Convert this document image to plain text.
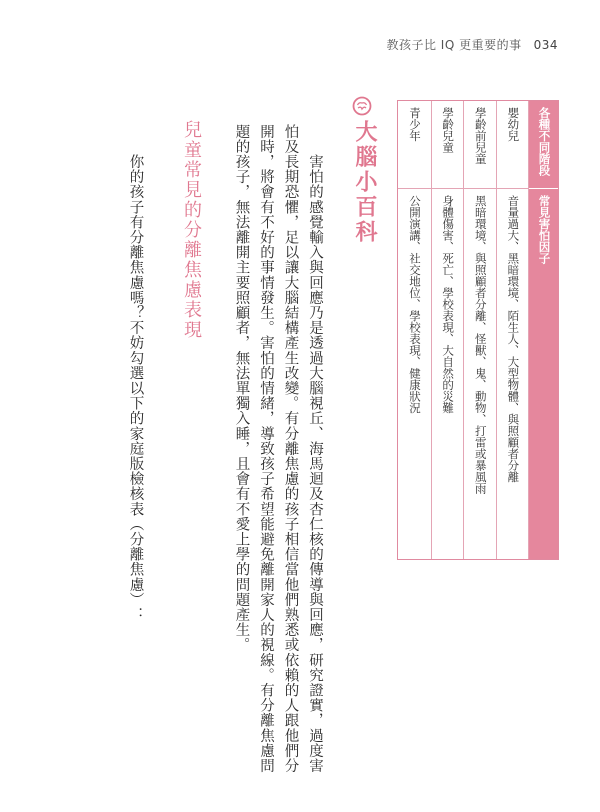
教孩子比 IQ 更重要的事 034
各種不同階段
常見害怕因子
嬰幼兒
音量過大、黑暗環境、陌生人、大型物體、與照顧者分離
學齡前兒童
黑暗環境、與照顧者分離、怪獸、鬼、動物、打雷或暴風雨
學齡兒童
身體傷害、死亡、學校表現、大自然的災難
青少年
公開演講、社交地位、學校表現、健康狀況
大腦小百科
　　害怕的感覺輸入與回應乃是透過大腦視丘、海馬迴及杏仁核的傳導與回應，研究證實，過度害怕及長期恐懼，足以讓大腦結構產生改變。有分離焦慮的孩子相信當他們熟悉或依賴的人跟他們分開時，將會有不好的事情發生。害怕的情緒，導致孩子希望能避免離開家人的視線。有分離焦慮問題的孩子，無法離開主要照顧者，無法單獨入睡，且會有不愛上學的問題產生。
兒童常見的分離焦慮表現
　　你的孩子有分離焦慮嗎？不妨勾選以下的家庭版檢核表（分離焦慮）：
